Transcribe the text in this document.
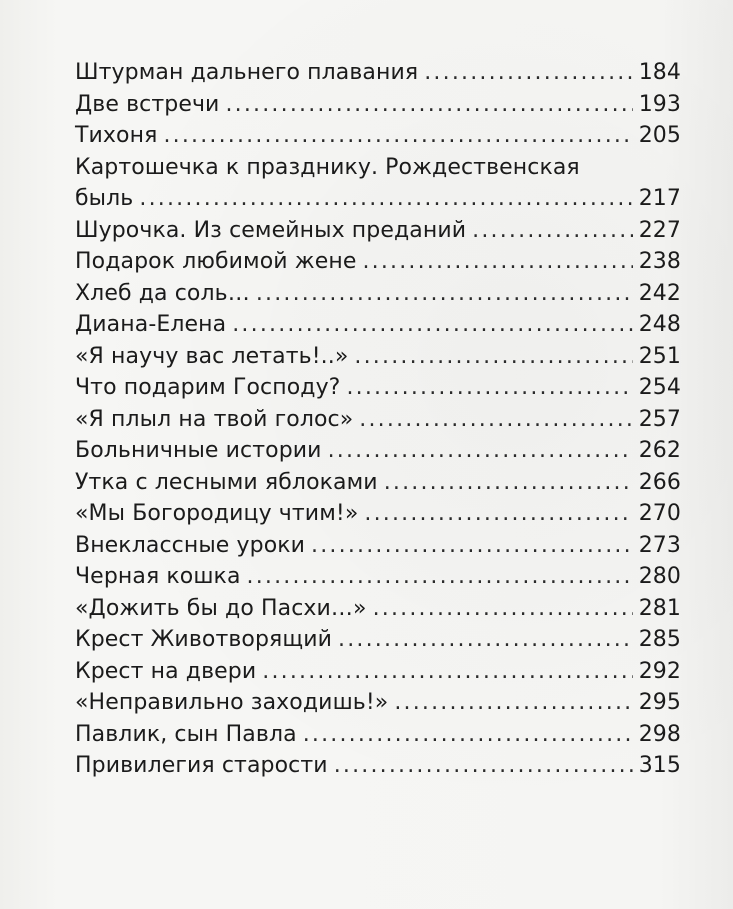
Штурман дальнего плавания .....	184
Две встречи .....	193
Тихоня .....	205
Картошечка к празднику. Рождественская
быль .....	217
Шурочка. Из семейных преданий .....	227
Подарок любимой жене .....	238
Хлеб да соль… .....	242
Диана-Елена .....	248
«Я научу вас летать!..» .....	251
Что подарим Господу? .....	254
«Я плыл на твой голос» .....	257
Больничные истории .....	262
Утка с лесными яблоками .....	266
«Мы Богородицу чтим!» .....	270
Внеклассные уроки .....	273
Черная кошка .....	280
«Дожить бы до Пасхи…» .....	281
Крест Животворящий .....	285
Крест на двери .....	292
«Неправильно заходишь!» .....	295
Павлик, сын Павла .....	298
Привилегия старости .....	315
